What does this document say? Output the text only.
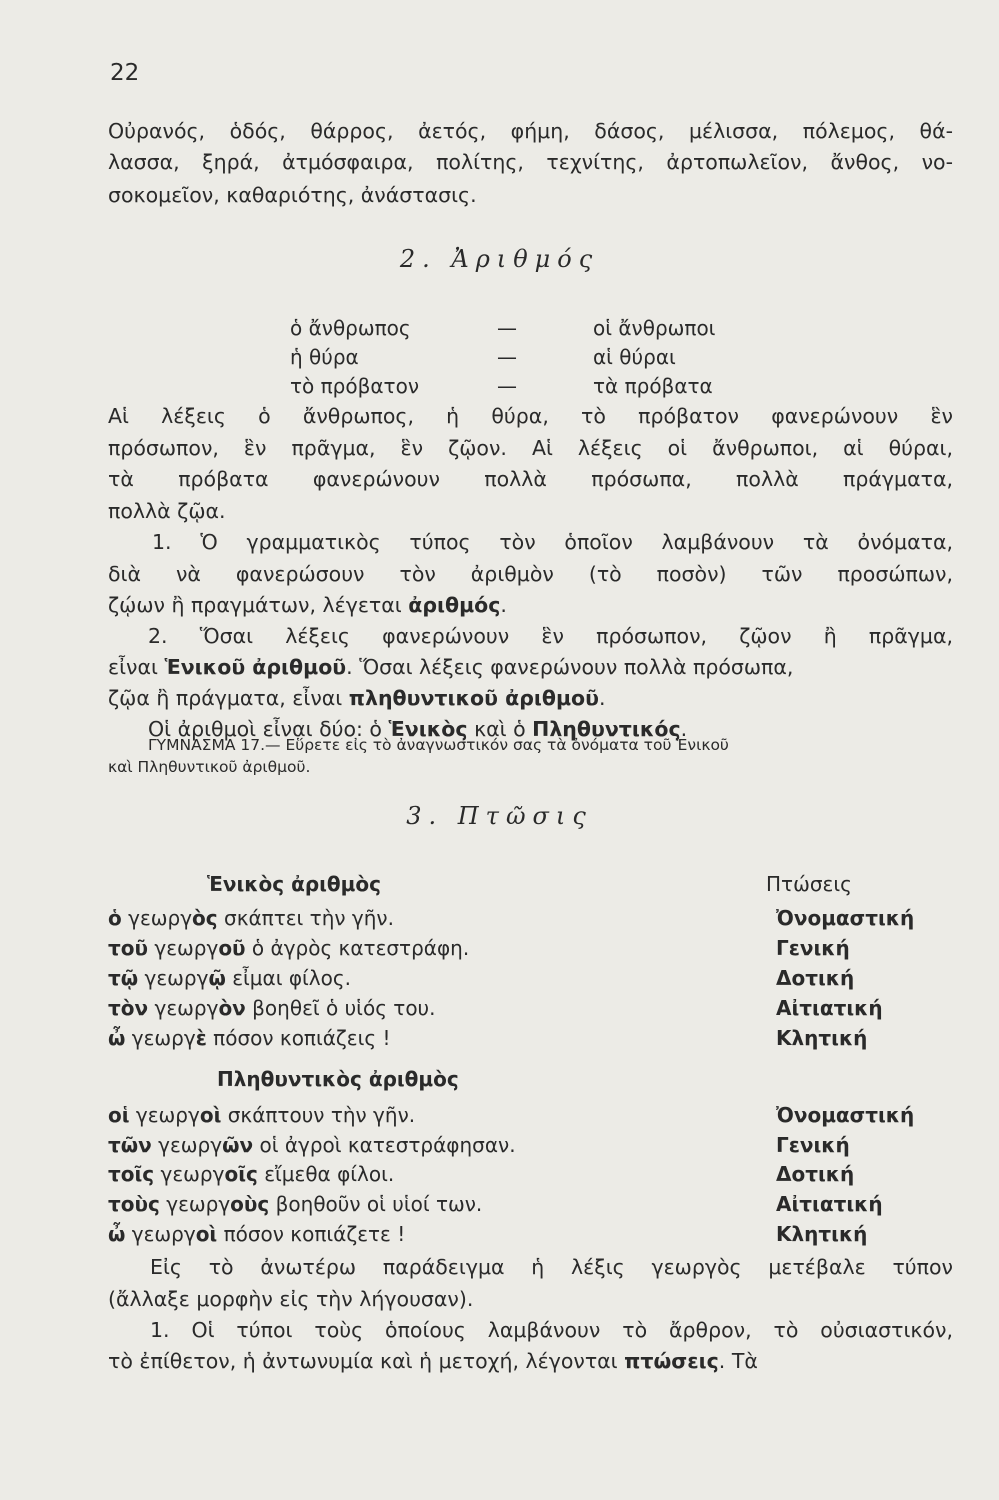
22
Οὐρανός, ὁδός, θάρρος, ἀετός, φήμη, δάσος, μέλισσα, πόλεμος, θά-
λασσα, ξηρά, ἀτμόσφαιρα, πολίτης, τεχνίτης, ἀρτοπωλεῖον, ἄνθος, νο-
σοκομεῖον, καθαριότης, ἀνάστασις.
2. Ἀριθμός
ὁ ἄνθρωπος	—	οἱ ἄνθρωποι
ἡ θύρα	—	αἱ θύραι
τὸ πρόβατον	—	τὰ πρόβατα
Αἱ λέξεις ὁ ἄνθρωπος, ἡ θύρα, τὸ πρόβατον φανερώνουν ἓν
πρόσωπον, ἓν πρᾶγμα, ἓν ζῷον. Αἱ λέξεις οἱ ἄνθρωποι, αἱ θύραι,
τὰ πρόβατα φανερώνουν πολλὰ πρόσωπα, πολλὰ πράγματα,
πολλὰ ζῷα.
1. Ὁ γραμματικὸς τύπος τὸν ὁποῖον λαμβάνουν τὰ ὀνόματα,
διὰ νὰ φανερώσουν τὸν ἀριθμὸν (τὸ ποσὸν) τῶν προσώπων,
ζῴων ἢ πραγμάτων, λέγεται ἀριθμός.
2. Ὅσαι λέξεις φανερώνουν ἓν πρόσωπον, ζῷον ἢ πρᾶγμα,
εἶναι Ἑνικοῦ ἀριθμοῦ. Ὅσαι λέξεις φανερώνουν πολλὰ πρόσωπα,
ζῷα ἢ πράγματα, εἶναι πληθυντικοῦ ἀριθμοῦ.
Οἱ ἀριθμοὶ εἶναι δύο: ὁ Ἑνικὸς καὶ ὁ Πληθυντικός.
ΓΥΜΝΑΣΜΑ 17.— Εὕρετε εἰς τὸ ἀναγνωστικόν σας τὰ ὀνόματα τοῦ Ἑνικοῦ
καὶ Πληθυντικοῦ ἀριθμοῦ.
3. Πτῶσις
Ἑνικὸς ἀριθμὸς	Πτώσεις
ὁ γεωργὸς σκάπτει τὴν γῆν.	Ὀνομαστική
τοῦ γεωργοῦ ὁ ἀγρὸς κατεστράφη.	Γενική
τῷ γεωργῷ εἶμαι φίλος.	Δοτική
τὸν γεωργὸν βοηθεῖ ὁ υἱός του.	Αἰτιατική
ὦ γεωργὲ πόσον κοπιάζεις !	Κλητική
Πληθυντικὸς ἀριθμὸς
οἱ γεωργοὶ σκάπτουν τὴν γῆν.	Ὀνομαστική
τῶν γεωργῶν οἱ ἀγροὶ κατεστράφησαν.	Γενική
τοῖς γεωργοῖς εἴμεθα φίλοι.	Δοτική
τοὺς γεωργοὺς βοηθοῦν οἱ υἱοί των.	Αἰτιατική
ὦ γεωργοὶ πόσον κοπιάζετε !	Κλητική
Εἰς τὸ ἀνωτέρω παράδειγμα ἡ λέξις γεωργὸς μετέβαλε τύπον
(ἄλλαξε μορφὴν εἰς τὴν λήγουσαν).
1. Οἱ τύποι τοὺς ὁποίους λαμβάνουν τὸ ἄρθρον, τὸ οὐσιαστικόν,
τὸ ἐπίθετον, ἡ ἀντωνυμία καὶ ἡ μετοχή, λέγονται πτώσεις. Τὰ
